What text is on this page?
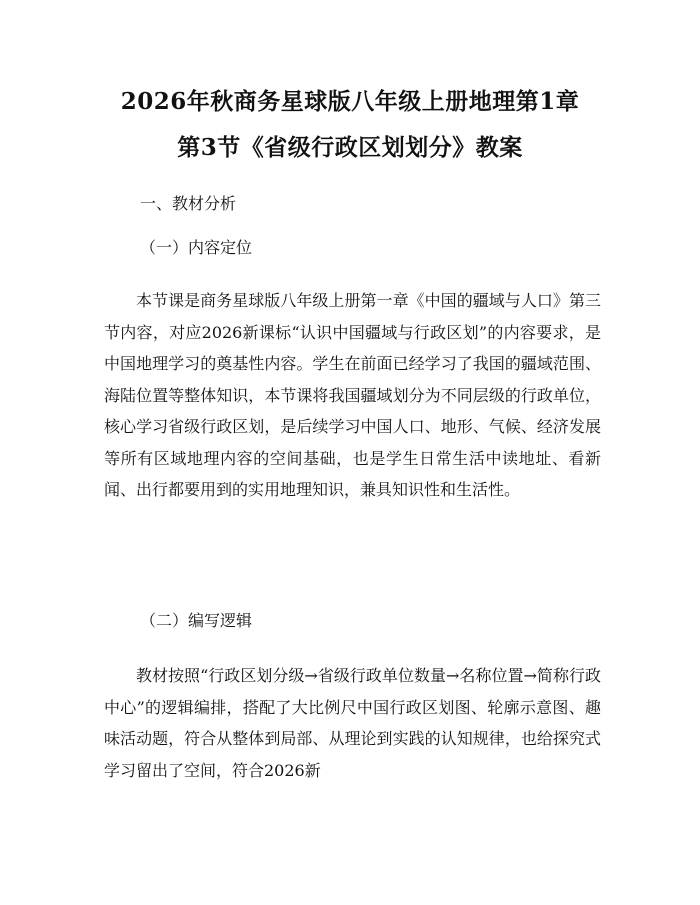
2026年秋商务星球版八年级上册地理第1章
第3节《省级行政区划划分》教案
一、教材分析
（一）内容定位

本节课是商务星球版八年级上册第一章《中国的疆域与人口》第三节内容，对应2026新课标“认识中国疆域与行政区划”的内容要求，是中国地理学习的奠基性内容。学生在前面已经学习了我国的疆域范围、海陆位置等整体知识，本节课将我国疆域划分为不同层级的行政单位，核心学习省级行政区划，是后续学习中国人口、地形、气候、经济发展等所有区域地理内容的空间基础，也是学生日常生活中读地址、看新闻、出行都要用到的实用地理知识，兼具知识性和生活性。

（二）编写逻辑

教材按照“行政区划分级→省级行政单位数量→名称位置→简称行政中心”的逻辑编排，搭配了大比例尺中国行政区划图、轮廓示意图、趣味活动题，符合从整体到局部、从理论到实践的认知规律，也给探究式学习留出了空间，符合2026新
